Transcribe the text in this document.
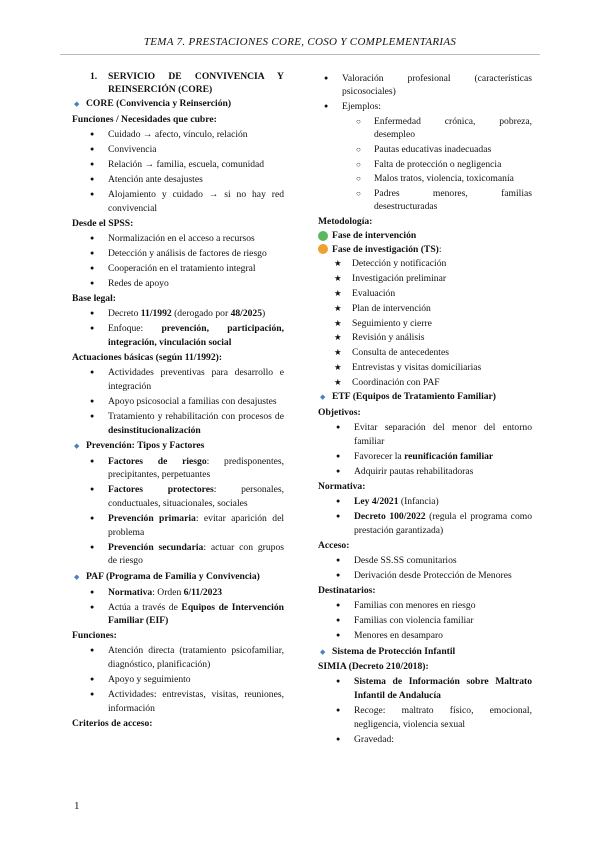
TEMA 7. PRESTACIONES CORE, COSO Y COMPLEMENTARIAS
1.	SERVICIO DE CONVIVENCIA Y REINSERCIÓN (CORE)
◆ CORE (Convivencia y Reinserción)
Funciones / Necesidades que cubre:
● Cuidado → afecto, vínculo, relación
● Convivencia
● Relación → familia, escuela, comunidad
● Atención ante desajustes
● Alojamiento y cuidado → si no hay red convivencial
Desde el SPSS:
● Normalización en el acceso a recursos
● Detección y análisis de factores de riesgo
● Cooperación en el tratamiento integral
● Redes de apoyo
Base legal:
● Decreto 11/1992 (derogado por 48/2025)
● Enfoque: prevención, participación, integración, vinculación social
Actuaciones básicas (según 11/1992):
● Actividades preventivas para desarrollo e integración
● Apoyo psicosocial a familias con desajustes
● Tratamiento y rehabilitación con procesos de desinstitucionalización
◆ Prevención: Tipos y Factores
● Factores de riesgo: predisponentes, precipitantes, perpetuantes
● Factores protectores: personales, conductuales, situacionales, sociales
● Prevención primaria: evitar aparición del problema
● Prevención secundaria: actuar con grupos de riesgo
◆ PAF (Programa de Familia y Convivencia)
● Normativa: Orden 6/11/2023
● Actúa a través de Equipos de Intervención Familiar (EIF)
Funciones:
● Atención directa (tratamiento psicofamiliar, diagnóstico, planificación)
● Apoyo y seguimiento
● Actividades: entrevistas, visitas, reuniones, información
Criterios de acceso:
● Valoración profesional (características psicosociales)
● Ejemplos:
○ Enfermedad crónica, pobreza, desempleo
○ Pautas educativas inadecuadas
○ Falta de protección o negligencia
○ Malos tratos, violencia, toxicomanía
○ Padres menores, familias desestructuradas
Metodología:
Fase de intervención
Fase de investigación (TS) :
★ Detección y notificación
★ Investigación preliminar
★ Evaluación
★ Plan de intervención
★ Seguimiento y cierre
★ Revisión y análisis
★ Consulta de antecedentes
★ Entrevistas y visitas domiciliarias
★ Coordinación con PAF
◆ ETF (Equipos de Tratamiento Familiar)
Objetivos:
● Evitar separación del menor del entorno familiar
● Favorecer la reunificación familiar
● Adquirir pautas rehabilitadoras
Normativa:
● Ley 4/2021 (Infancia)
● Decreto 100/2022 (regula el programa como prestación garantizada)
Acceso:
● Desde SS.SS comunitarios
● Derivación desde Protección de Menores
Destinatarios:
● Familias con menores en riesgo
● Familias con violencia familiar
● Menores en desamparo
◆ Sistema de Protección Infantil
SIMIA (Decreto 210/2018):
● Sistema de Información sobre Maltrato Infantil de Andalucía
● Recoge: maltrato físico, emocional, negligencia, violencia sexual
● Gravedad:
1
